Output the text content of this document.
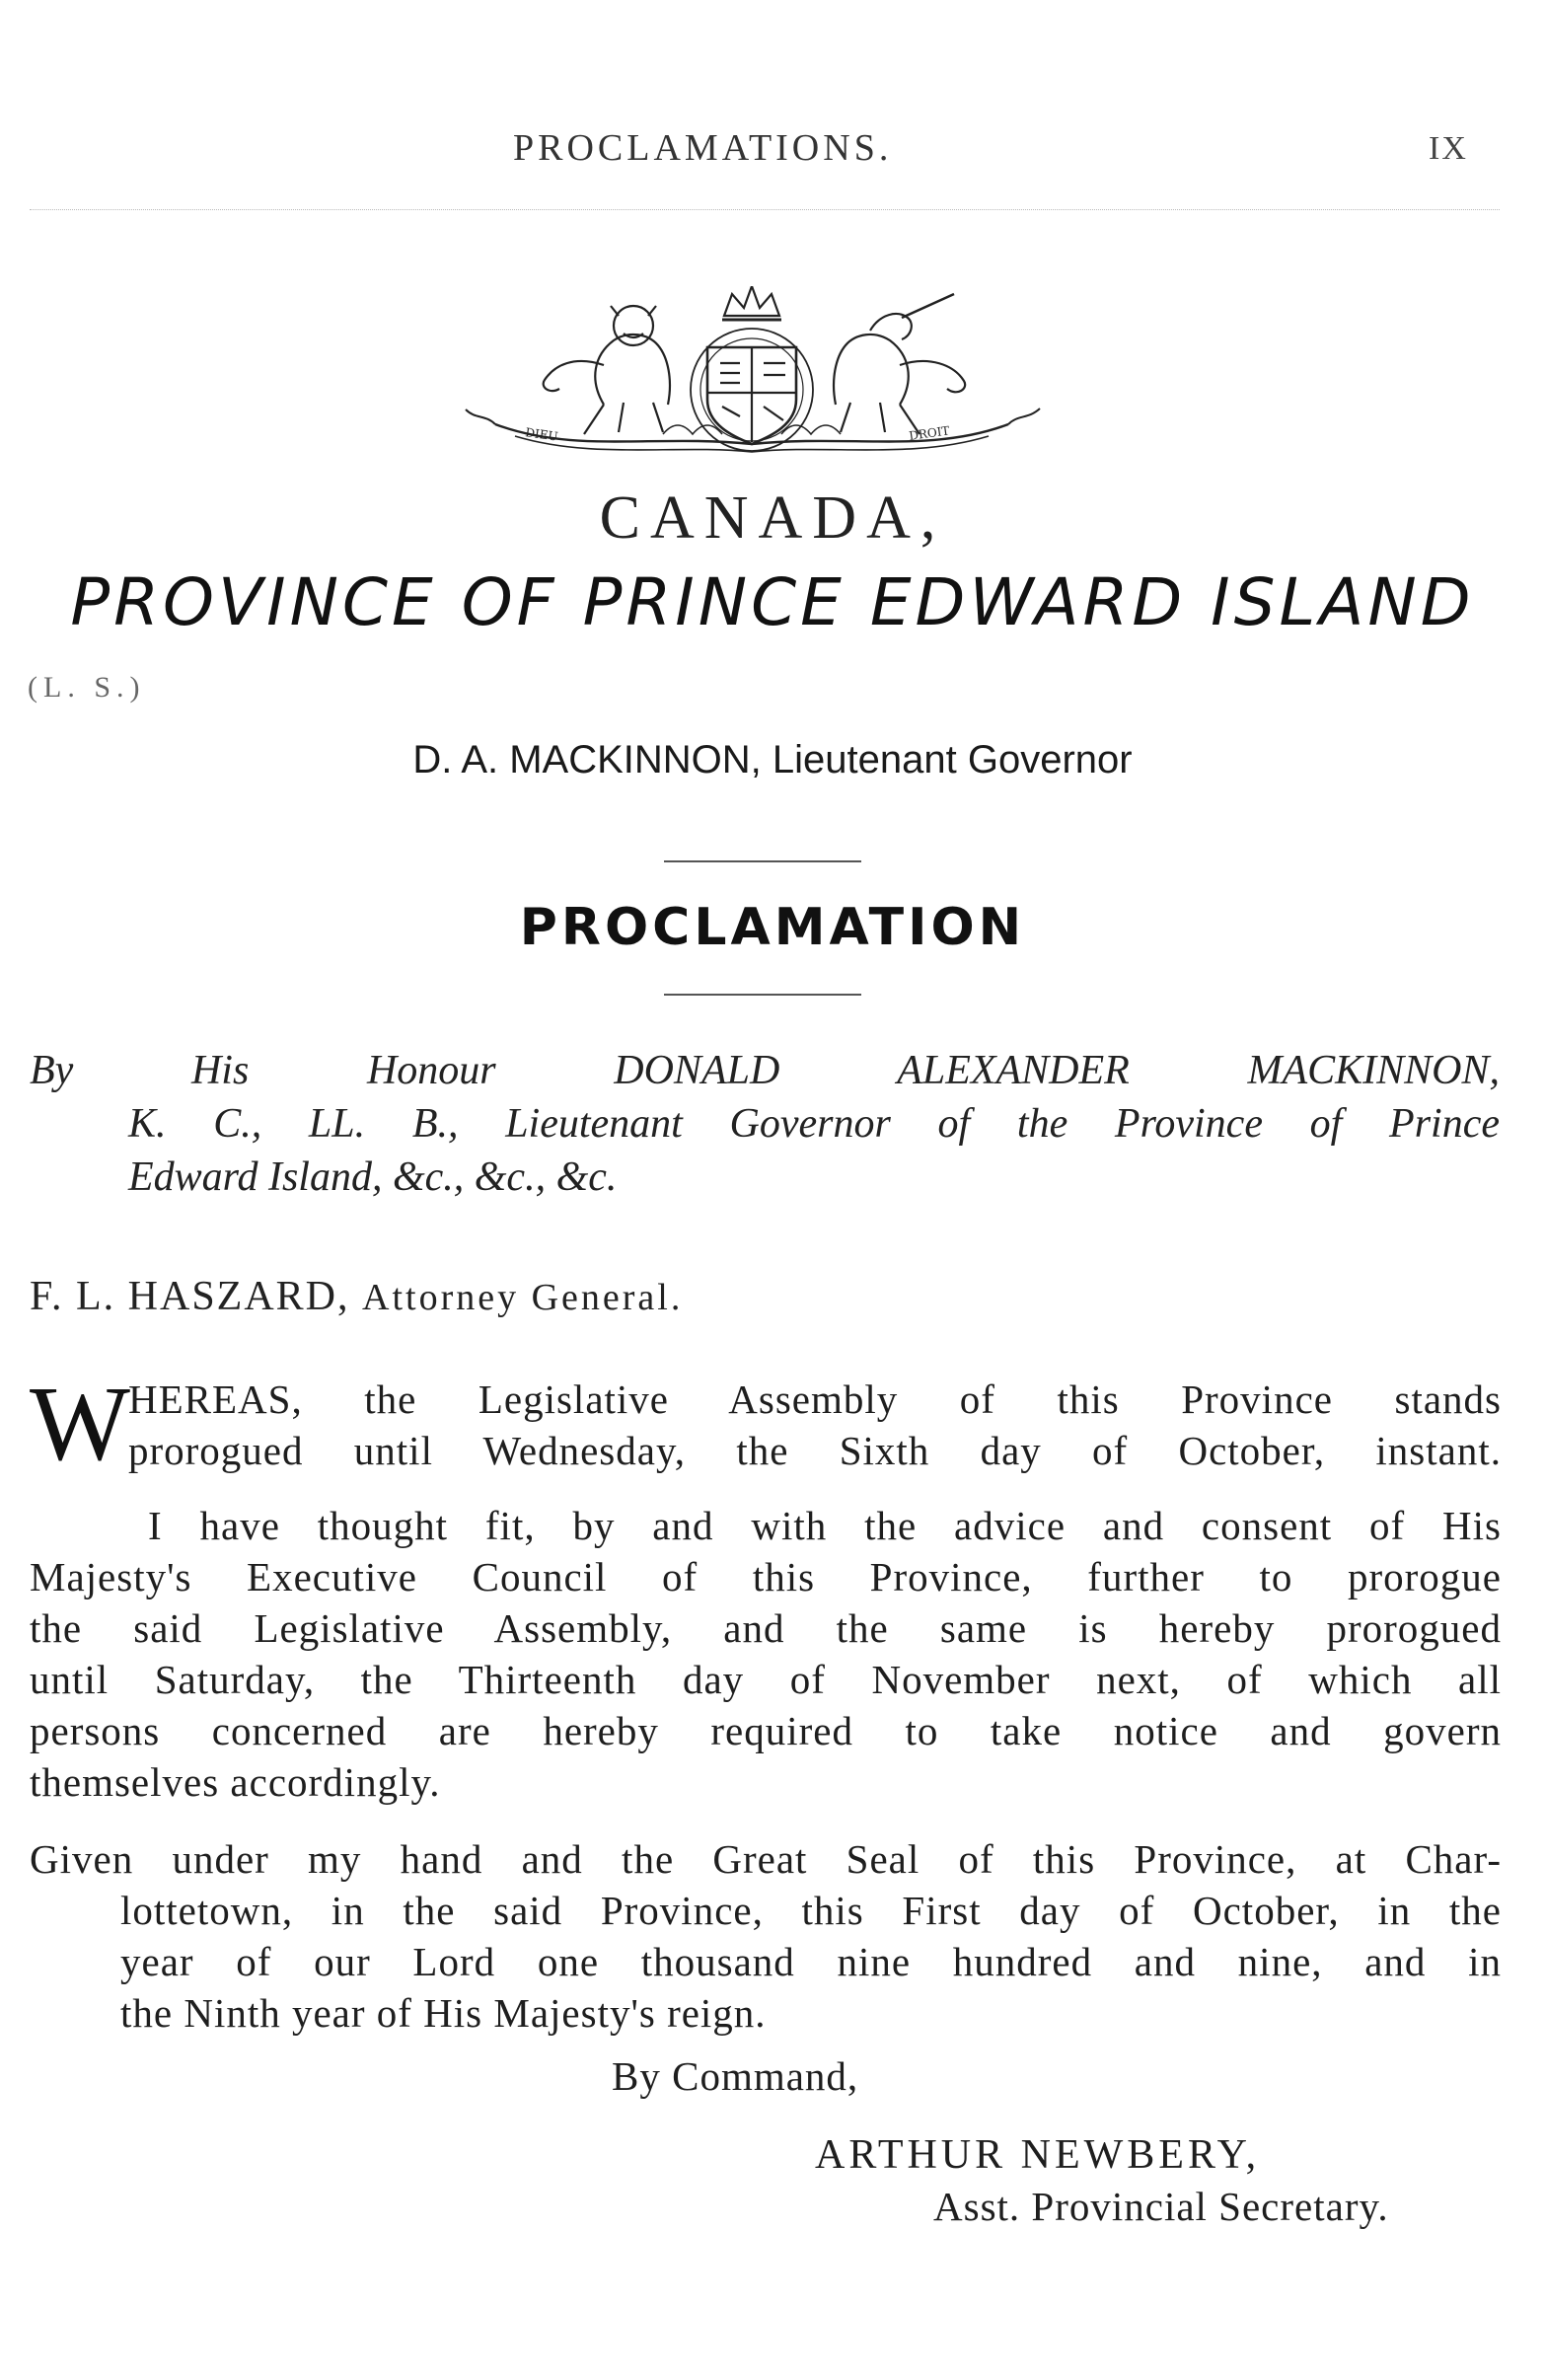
PROCLAMATIONS.	IX
DIEU	DROIT
CANADA,
PROVINCE OF PRINCE EDWARD ISLAND
(L. S.)
D. A. MACKINNON, Lieutenant Governor
PROCLAMATION
By His Honour DONALD ALEXANDER MACKINNON,
K. C., LL. B., Lieutenant Governor of the Province of Prince
Edward Island, &c., &c., &c.
F. L. HASZARD, Attorney General.
W
HEREAS, the Legislative Assembly of this Province stands
prorogued until Wednesday, the Sixth day of October, instant.
I have thought fit, by and with the advice and consent of His
Majesty's Executive Council of this Province, further to prorogue
the said Legislative Assembly, and the same is hereby prorogued
until Saturday, the Thirteenth day of November next, of which all
persons concerned are hereby required to take notice and govern
themselves accordingly.
Given under my hand and the Great Seal of this Province, at Char-
lottetown, in the said Province, this First day of October, in the
year of our Lord one thousand nine hundred and nine, and in
the Ninth year of His Majesty's reign.
By Command,
ARTHUR NEWBERY,
Asst. Provincial Secretary.
